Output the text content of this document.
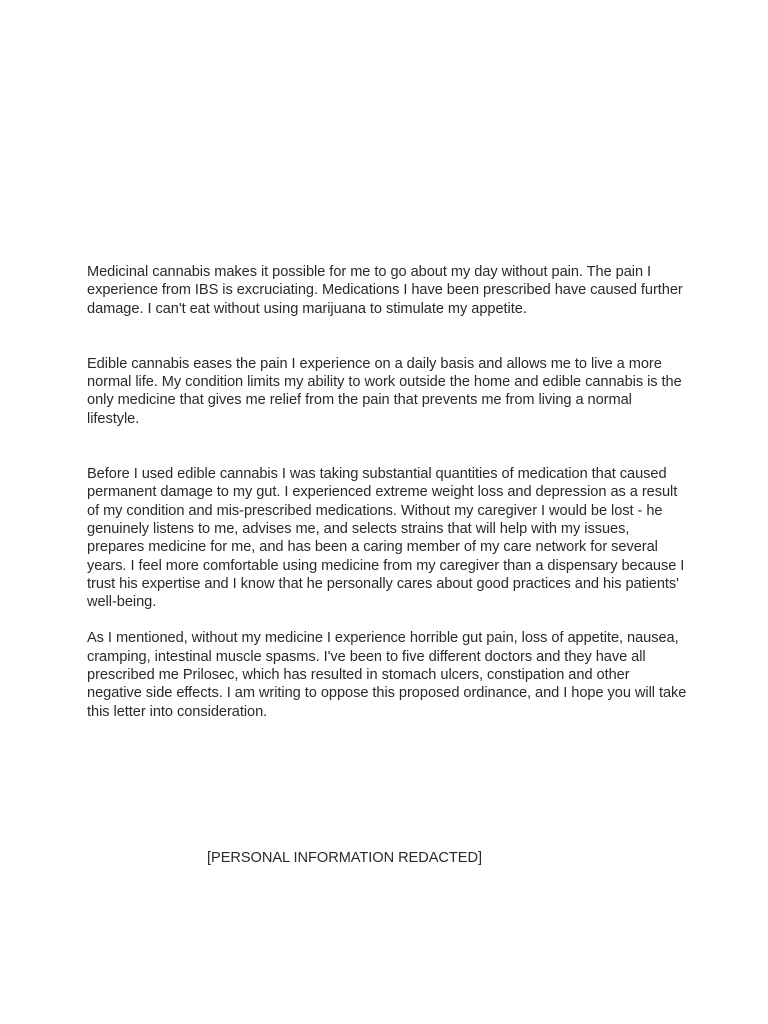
Medicinal cannabis makes it possible for me to go about my day without pain. The pain I experience from IBS is excruciating. Medications I have been prescribed have caused further damage. I can't eat without using marijuana to stimulate my appetite.

Edible cannabis eases the pain I experience on a daily basis and allows me to live a more normal life. My condition limits my ability to work outside the home and edible cannabis is the only medicine that gives me relief from the pain that prevents me from living a normal lifestyle.

Before I used edible cannabis I was taking substantial quantities of medication that caused permanent damage to my gut. I experienced extreme weight loss and depression as a result of my condition and mis-prescribed medications. Without my caregiver I would be lost - he genuinely listens to me, advises me, and selects strains that will help with my issues, prepares medicine for me, and has been a caring member of my care network for several years. I feel more comfortable using medicine from my caregiver than a dispensary because I trust his expertise and I know that he personally cares about good practices and his patients' well-being.

As I mentioned, without my medicine I experience horrible gut pain, loss of appetite, nausea, cramping, intestinal muscle spasms. I've been to five different doctors and they have all prescribed me Prilosec, which has resulted in stomach ulcers, constipation and other negative side effects. I am writing to oppose this proposed ordinance, and I hope you will take this letter into consideration.

[PERSONAL INFORMATION REDACTED]
